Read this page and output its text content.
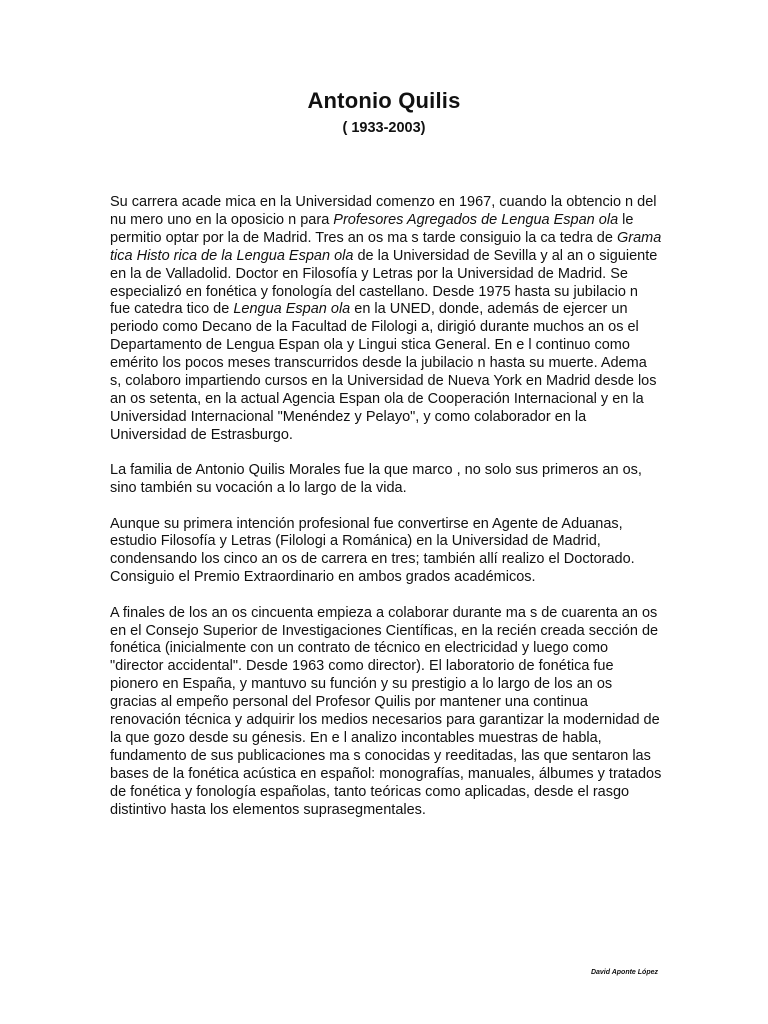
Antonio Quilis
( 1933-2003)

Su carrera acade mica en la Universidad comenzo en 1967, cuando la obtencio n del nu mero uno en la oposicio n para Profesores Agregados de Lengua Espan ola le permitio optar por la de Madrid. Tres an os ma s tarde consiguio la ca tedra de Grama tica Histo rica de la Lengua Espan ola de la Universidad de Sevilla y al an o siguiente en la de Valladolid. Doctor en Filosofía y Letras por la Universidad de Madrid. Se especializó en fonética y fonología del castellano. Desde 1975 hasta su jubilacio n fue catedra tico de Lengua Espan ola en la UNED, donde, además de ejercer un periodo como Decano de la Facultad de Filologi a, dirigió durante muchos an os el Departamento de Lengua Espan ola y Lingui stica General. En e l continuo como emérito los pocos meses transcurridos desde la jubilacio n hasta su muerte. Adema s, colaboro impartiendo cursos en la Universidad de Nueva York en Madrid desde los an os setenta, en la actual Agencia Espan ola de Cooperación Internacional y en la Universidad Internacional "Menéndez y Pelayo", y como colaborador en la Universidad de Estrasburgo.

La familia de Antonio Quilis Morales fue la que marco , no solo sus primeros an os, sino también su vocación a lo largo de la vida.

Aunque su primera intención profesional fue convertirse en Agente de Aduanas, estudio Filosofía y Letras (Filologi a Románica) en la Universidad de Madrid, condensando los cinco an os de carrera en tres; también allí realizo el Doctorado. Consiguio el Premio Extraordinario en ambos grados académicos.

A finales de los an os cincuenta empieza a colaborar durante ma s de cuarenta an os en el Consejo Superior de Investigaciones Científicas, en la recién creada sección de fonética (inicialmente con un contrato de técnico en electricidad y luego como "director accidental". Desde 1963 como director). El laboratorio de fonética fue pionero en España, y mantuvo su función y su prestigio a lo largo de los an os gracias al empeño personal del Profesor Quilis por mantener una continua renovación técnica y adquirir los medios necesarios para garantizar la modernidad de la que gozo desde su génesis. En e l analizo incontables muestras de habla, fundamento de sus publicaciones ma s conocidas y reeditadas, las que sentaron las bases de la fonética acústica en español: monografías, manuales, álbumes y tratados de fonética y fonología españolas, tanto teóricas como aplicadas, desde el rasgo distintivo hasta los elementos suprasegmentales.

David Aponte López
